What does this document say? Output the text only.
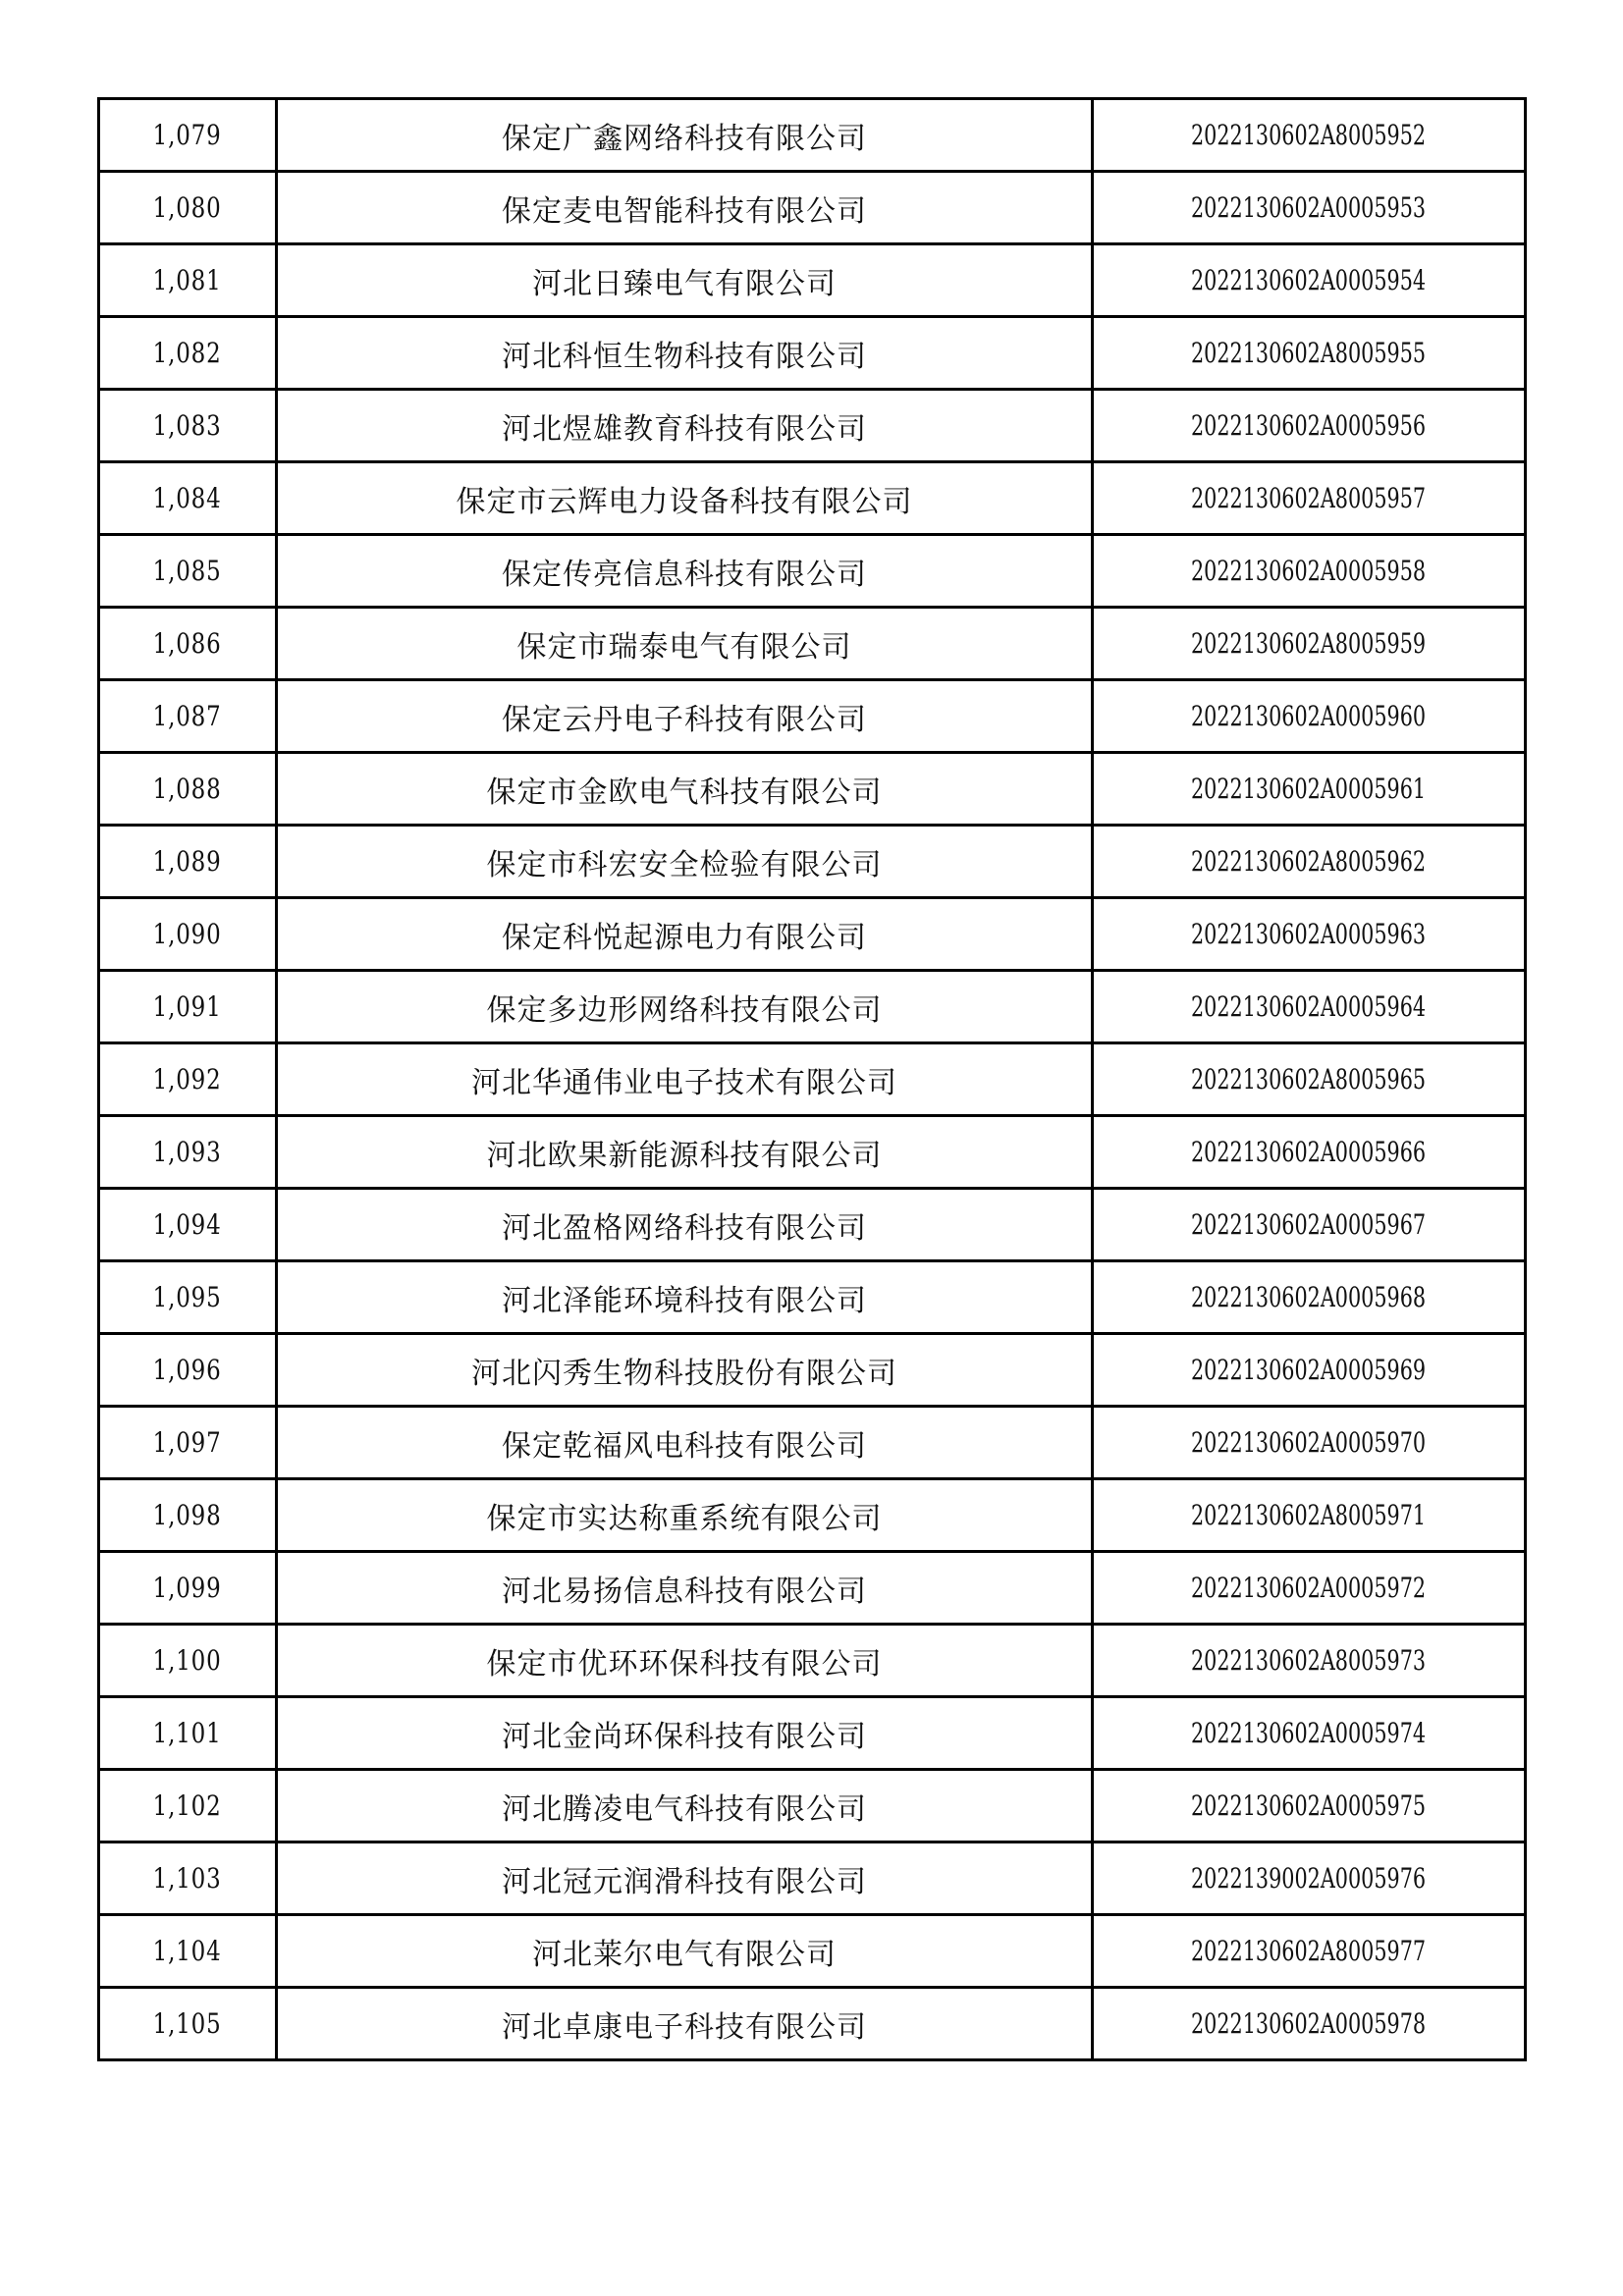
1,079	保定广鑫网络科技有限公司	2022130602A8005952
1,080	保定麦电智能科技有限公司	2022130602A0005953
1,081	河北日臻电气有限公司	2022130602A0005954
1,082	河北科恒生物科技有限公司	2022130602A8005955
1,083	河北煜雄教育科技有限公司	2022130602A0005956
1,084	保定市云辉电力设备科技有限公司	2022130602A8005957
1,085	保定传亮信息科技有限公司	2022130602A0005958
1,086	保定市瑞泰电气有限公司	2022130602A8005959
1,087	保定云丹电子科技有限公司	2022130602A0005960
1,088	保定市金欧电气科技有限公司	2022130602A0005961
1,089	保定市科宏安全检验有限公司	2022130602A8005962
1,090	保定科悦起源电力有限公司	2022130602A0005963
1,091	保定多边形网络科技有限公司	2022130602A0005964
1,092	河北华通伟业电子技术有限公司	2022130602A8005965
1,093	河北欧果新能源科技有限公司	2022130602A0005966
1,094	河北盈格网络科技有限公司	2022130602A0005967
1,095	河北泽能环境科技有限公司	2022130602A0005968
1,096	河北闪秀生物科技股份有限公司	2022130602A0005969
1,097	保定乾福风电科技有限公司	2022130602A0005970
1,098	保定市实达称重系统有限公司	2022130602A8005971
1,099	河北易扬信息科技有限公司	2022130602A0005972
1,100	保定市优环环保科技有限公司	2022130602A8005973
1,101	河北金尚环保科技有限公司	2022130602A0005974
1,102	河北腾凌电气科技有限公司	2022130602A0005975
1,103	河北冠元润滑科技有限公司	2022139002A0005976
1,104	河北莱尔电气有限公司	2022130602A8005977
1,105	河北卓康电子科技有限公司	2022130602A0005978
